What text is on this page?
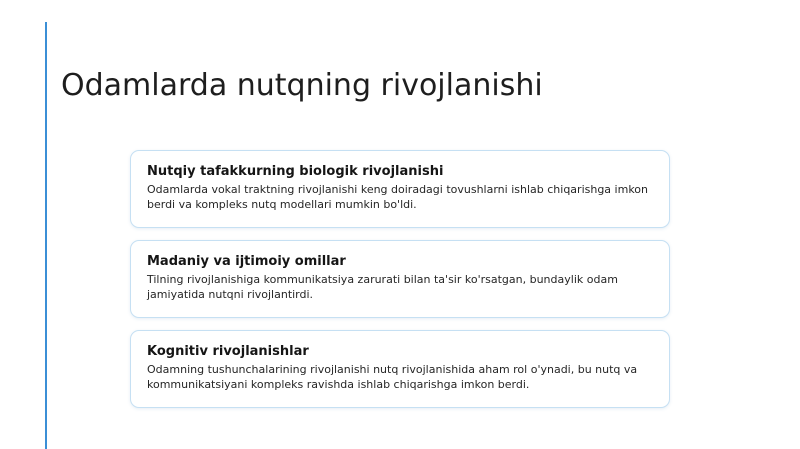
Odamlarda nutqning rivojlanishi
Nutqiy tafakkurning biologik rivojlanishi
Odamlarda vokal traktning rivojlanishi keng doiradagi tovushlarni ishlab chiqarishga imkon berdi va kompleks nutq modellari mumkin bo'ldi.
Madaniy va ijtimoiy omillar
Tilning rivojlanishiga kommunikatsiya zarurati bilan ta'sir ko'rsatgan, bundaylik odam jamiyatida nutqni rivojlantirdi.
Kognitiv rivojlanishlar
Odamning tushunchalarining rivojlanishi nutq rivojlanishida aham rol o'ynadi, bu nutq va kommunikatsiyani kompleks ravishda ishlab chiqarishga imkon berdi.
